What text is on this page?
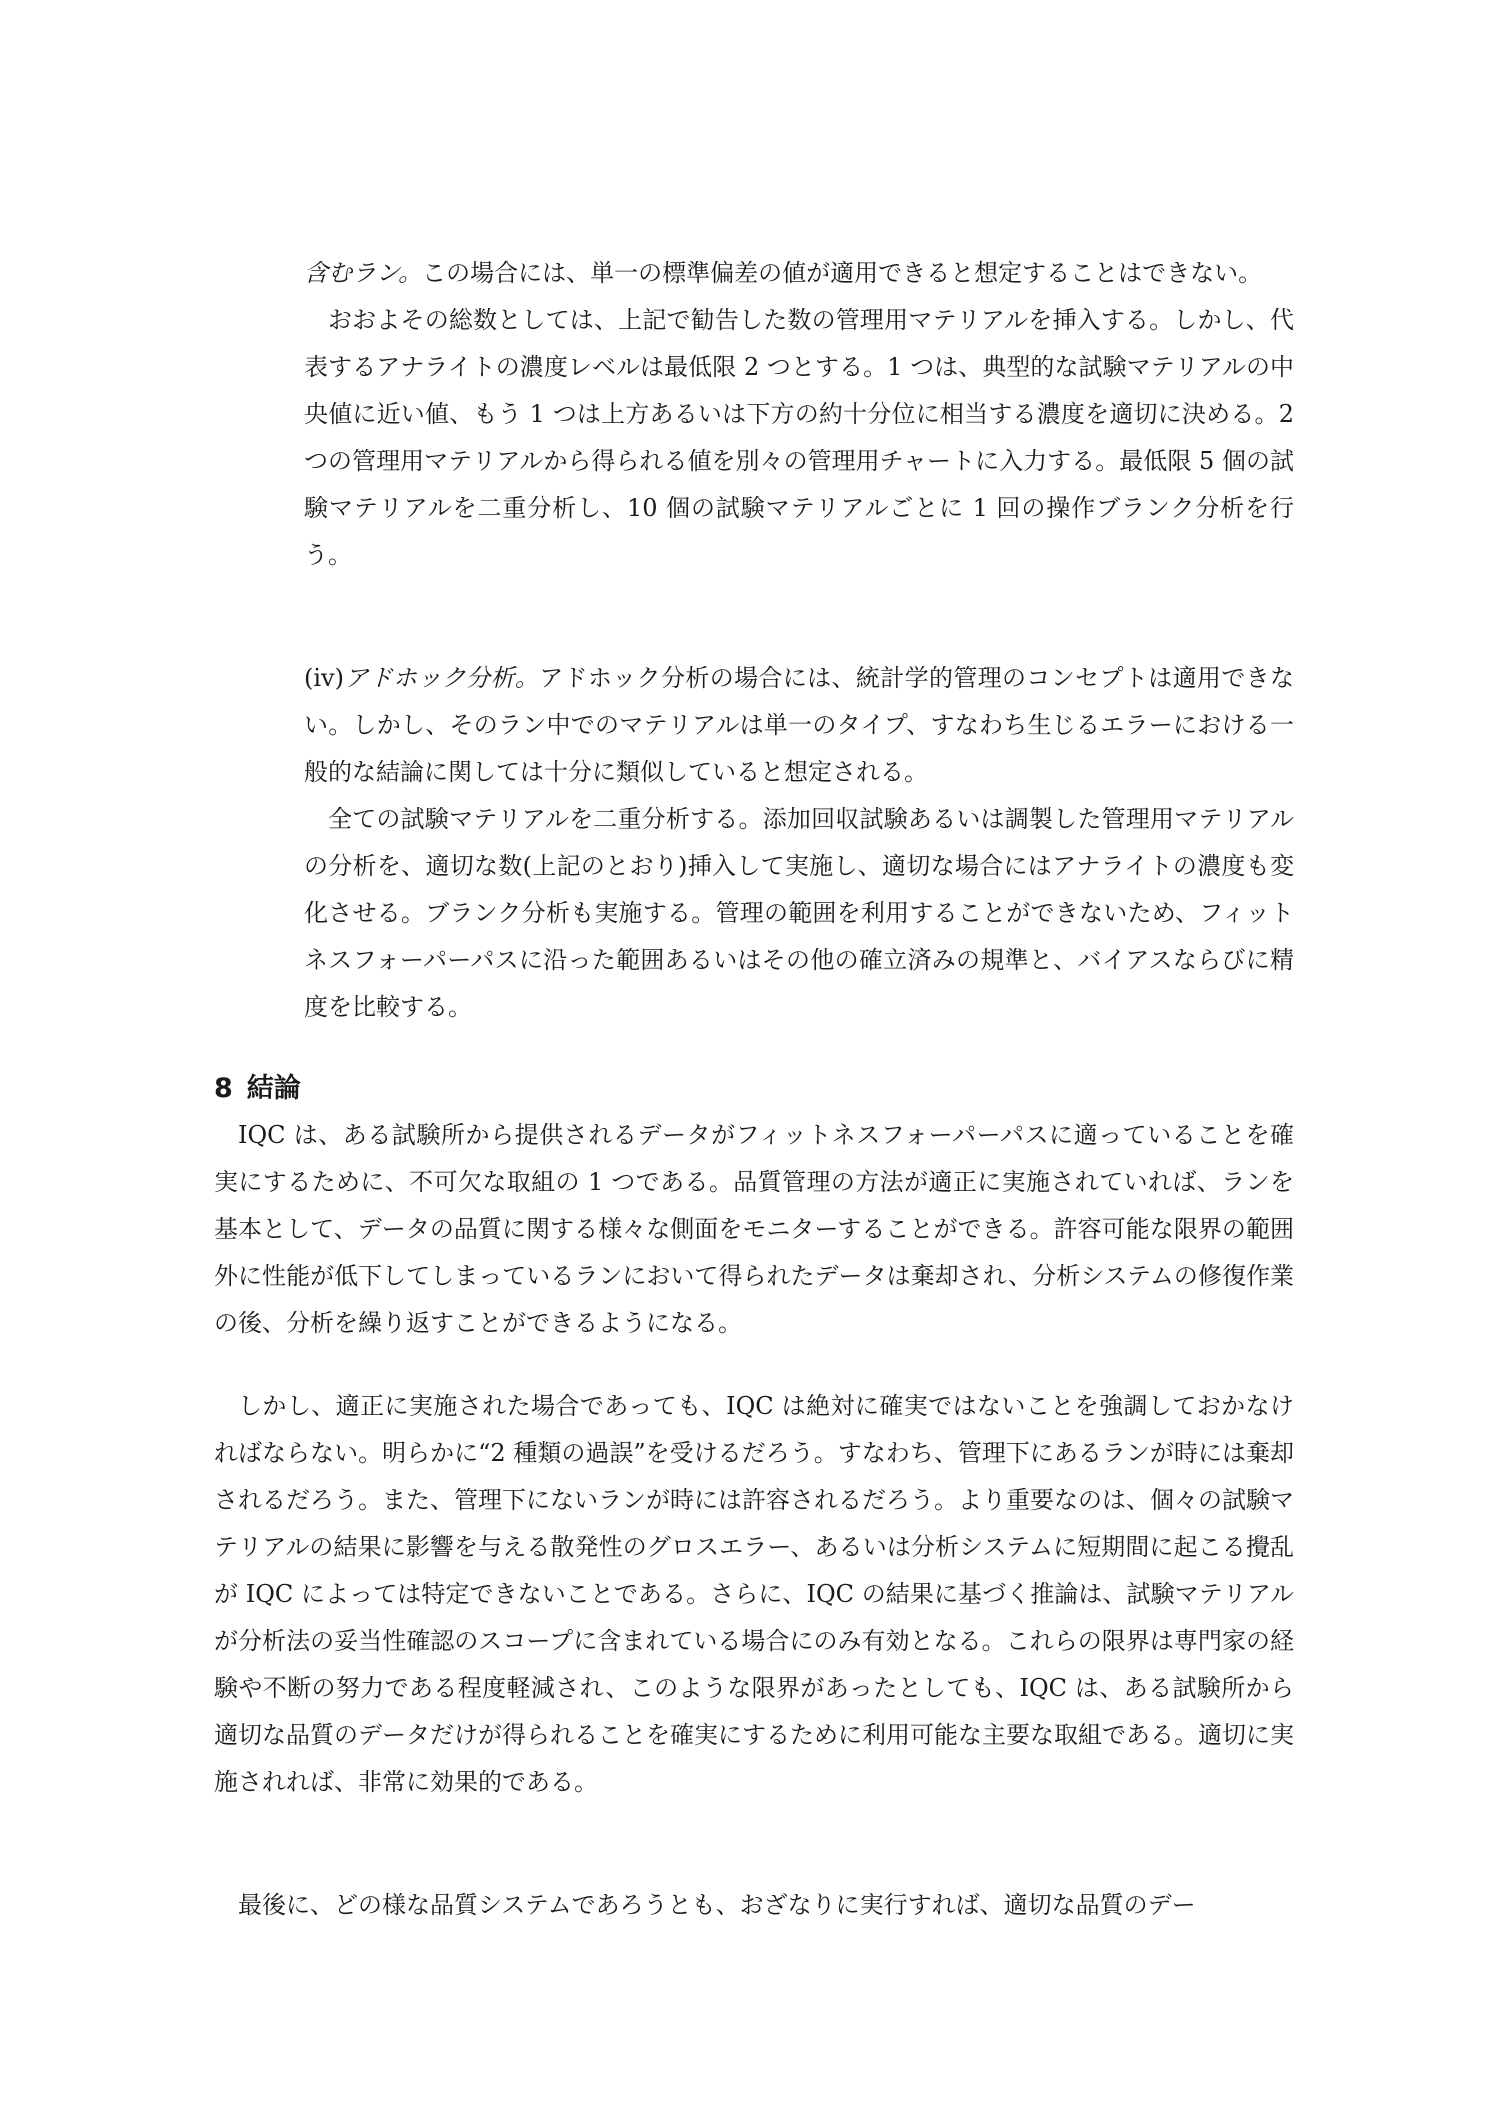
含むラン。この場合には、単一の標準偏差の値が適用できると想定することはできない。

おおよその総数としては、上記で勧告した数の管理用マテリアルを挿入する。しかし、代表するアナライトの濃度レベルは最低限 2 つとする。1 つは、典型的な試験マテリアルの中央値に近い値、もう 1 つは上方あるいは下方の約十分位に相当する濃度を適切に決める。2 つの管理用マテリアルから得られる値を別々の管理用チャートに入力する。最低限 5 個の試験マテリアルを二重分析し、10 個の試験マテリアルごとに 1 回の操作ブランク分析を行う。

(iv)アドホック分析。アドホック分析の場合には、統計学的管理のコンセプトは適用できない。しかし、そのラン中でのマテリアルは単一のタイプ、すなわち生じるエラーにおける一般的な結論に関しては十分に類似していると想定される。

全ての試験マテリアルを二重分析する。添加回収試験あるいは調製した管理用マテリアルの分析を、適切な数(上記のとおり)挿入して実施し、適切な場合にはアナライトの濃度も変化させる。ブランク分析も実施する。管理の範囲を利用することができないため、フィットネスフォーパーパスに沿った範囲あるいはその他の確立済みの規準と、バイアスならびに精度を比較する。

8 結論

IQC は、ある試験所から提供されるデータがフィットネスフォーパーパスに適っていることを確実にするために、不可欠な取組の 1 つである。品質管理の方法が適正に実施されていれば、ランを基本として、データの品質に関する様々な側面をモニターすることができる。許容可能な限界の範囲外に性能が低下してしまっているランにおいて得られたデータは棄却され、分析システムの修復作業の後、分析を繰り返すことができるようになる。

しかし、適正に実施された場合であっても、IQC は絶対に確実ではないことを強調しておかなければならない。明らかに“2 種類の過誤”を受けるだろう。すなわち、管理下にあるランが時には棄却されるだろう。また、管理下にないランが時には許容されるだろう。より重要なのは、個々の試験マテリアルの結果に影響を与える散発性のグロスエラー、あるいは分析システムに短期間に起こる攪乱が IQC によっては特定できないことである。さらに、IQC の結果に基づく推論は、試験マテリアルが分析法の妥当性確認のスコープに含まれている場合にのみ有効となる。これらの限界は専門家の経験や不断の努力である程度軽減され、このような限界があったとしても、IQC は、ある試験所から適切な品質のデータだけが得られることを確実にするために利用可能な主要な取組である。適切に実施されれば、非常に効果的である。

最後に、どの様な品質システムであろうとも、おざなりに実行すれば、適切な品質のデー
